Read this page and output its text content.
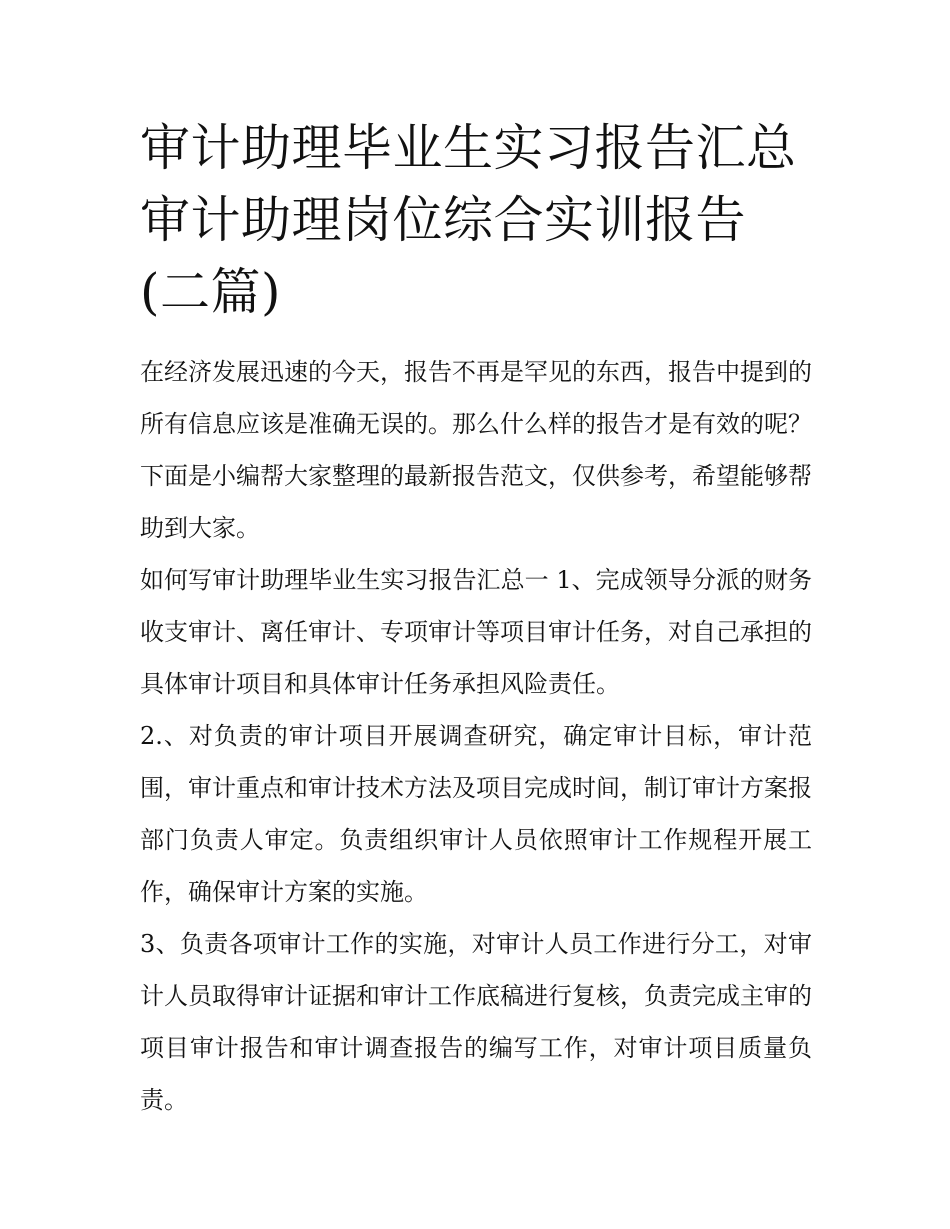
审计助理毕业生实习报告汇总审计助理岗位综合实训报告(二篇)

在经济发展迅速的今天，报告不再是罕见的东西，报告中提到的所有信息应该是准确无误的。那么什么样的报告才是有效的呢？下面是小编帮大家整理的最新报告范文，仅供参考，希望能够帮助到大家。

如何写审计助理毕业生实习报告汇总一 1、完成领导分派的财务收支审计、离任审计、专项审计等项目审计任务，对自己承担的具体审计项目和具体审计任务承担风险责任。

2.、对负责的审计项目开展调查研究，确定审计目标，审计范围，审计重点和审计技术方法及项目完成时间，制订审计方案报部门负责人审定。负责组织审计人员依照审计工作规程开展工作，确保审计方案的实施。

3、负责各项审计工作的实施，对审计人员工作进行分工，对审计人员取得审计证据和审计工作底稿进行复核，负责完成主审的项目审计报告和审计调查报告的编写工作，对审计项目质量负责。
